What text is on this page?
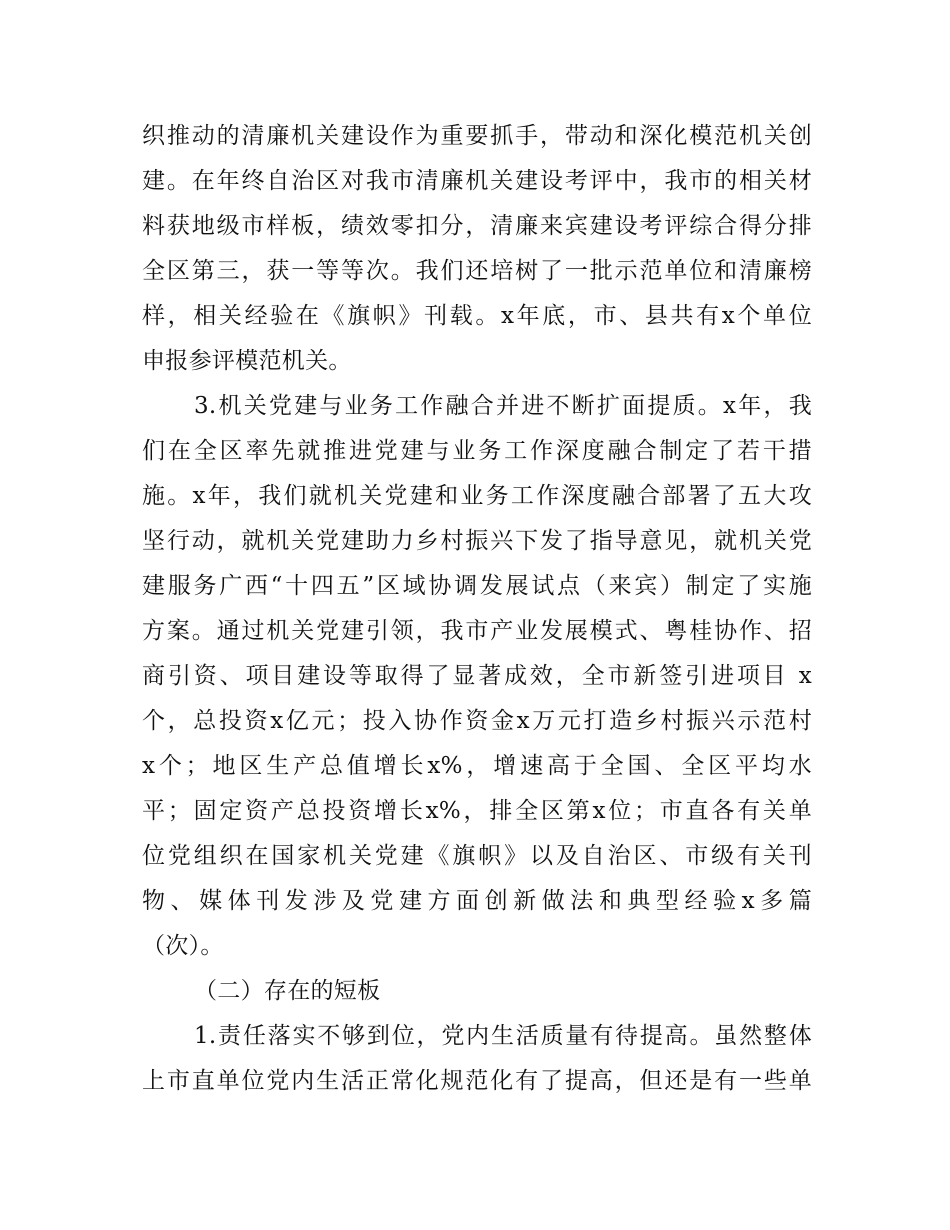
织推动的清廉机关建设作为重要抓手，带动和深化模范机关创
建。在年终自治区对我市清廉机关建设考评中，我市的相关材
料获地级市样板，绩效零扣分，清廉来宾建设考评综合得分排
全区第三，获一等等次。我们还培树了一批示范单位和清廉榜
样，相关经验在《旗帜》刊载。x年底，市、县共有x个单位
申报参评模范机关。
3.机关党建与业务工作融合并进不断扩面提质。x年，我
们在全区率先就推进党建与业务工作深度融合制定了若干措
施。x年，我们就机关党建和业务工作深度融合部署了五大攻
坚行动，就机关党建助力乡村振兴下发了指导意见，就机关党
建服务广西“十四五”区域协调发展试点（来宾）制定了实施
方案。通过机关党建引领，我市产业发展模式、粤桂协作、招
商引资、项目建设等取得了显著成效，全市新签引进项目 x
个，总投资x亿元；投入协作资金x万元打造乡村振兴示范村
x个；地区生产总值增长x%，增速高于全国、全区平均水
平；固定资产总投资增长x%，排全区第x位；市直各有关单
位党组织在国家机关党建《旗帜》以及自治区、市级有关刊
物、媒体刊发涉及党建方面创新做法和典型经验x多篇
（次）。
（二）存在的短板
1.责任落实不够到位，党内生活质量有待提高。虽然整体
上市直单位党内生活正常化规范化有了提高，但还是有一些单
